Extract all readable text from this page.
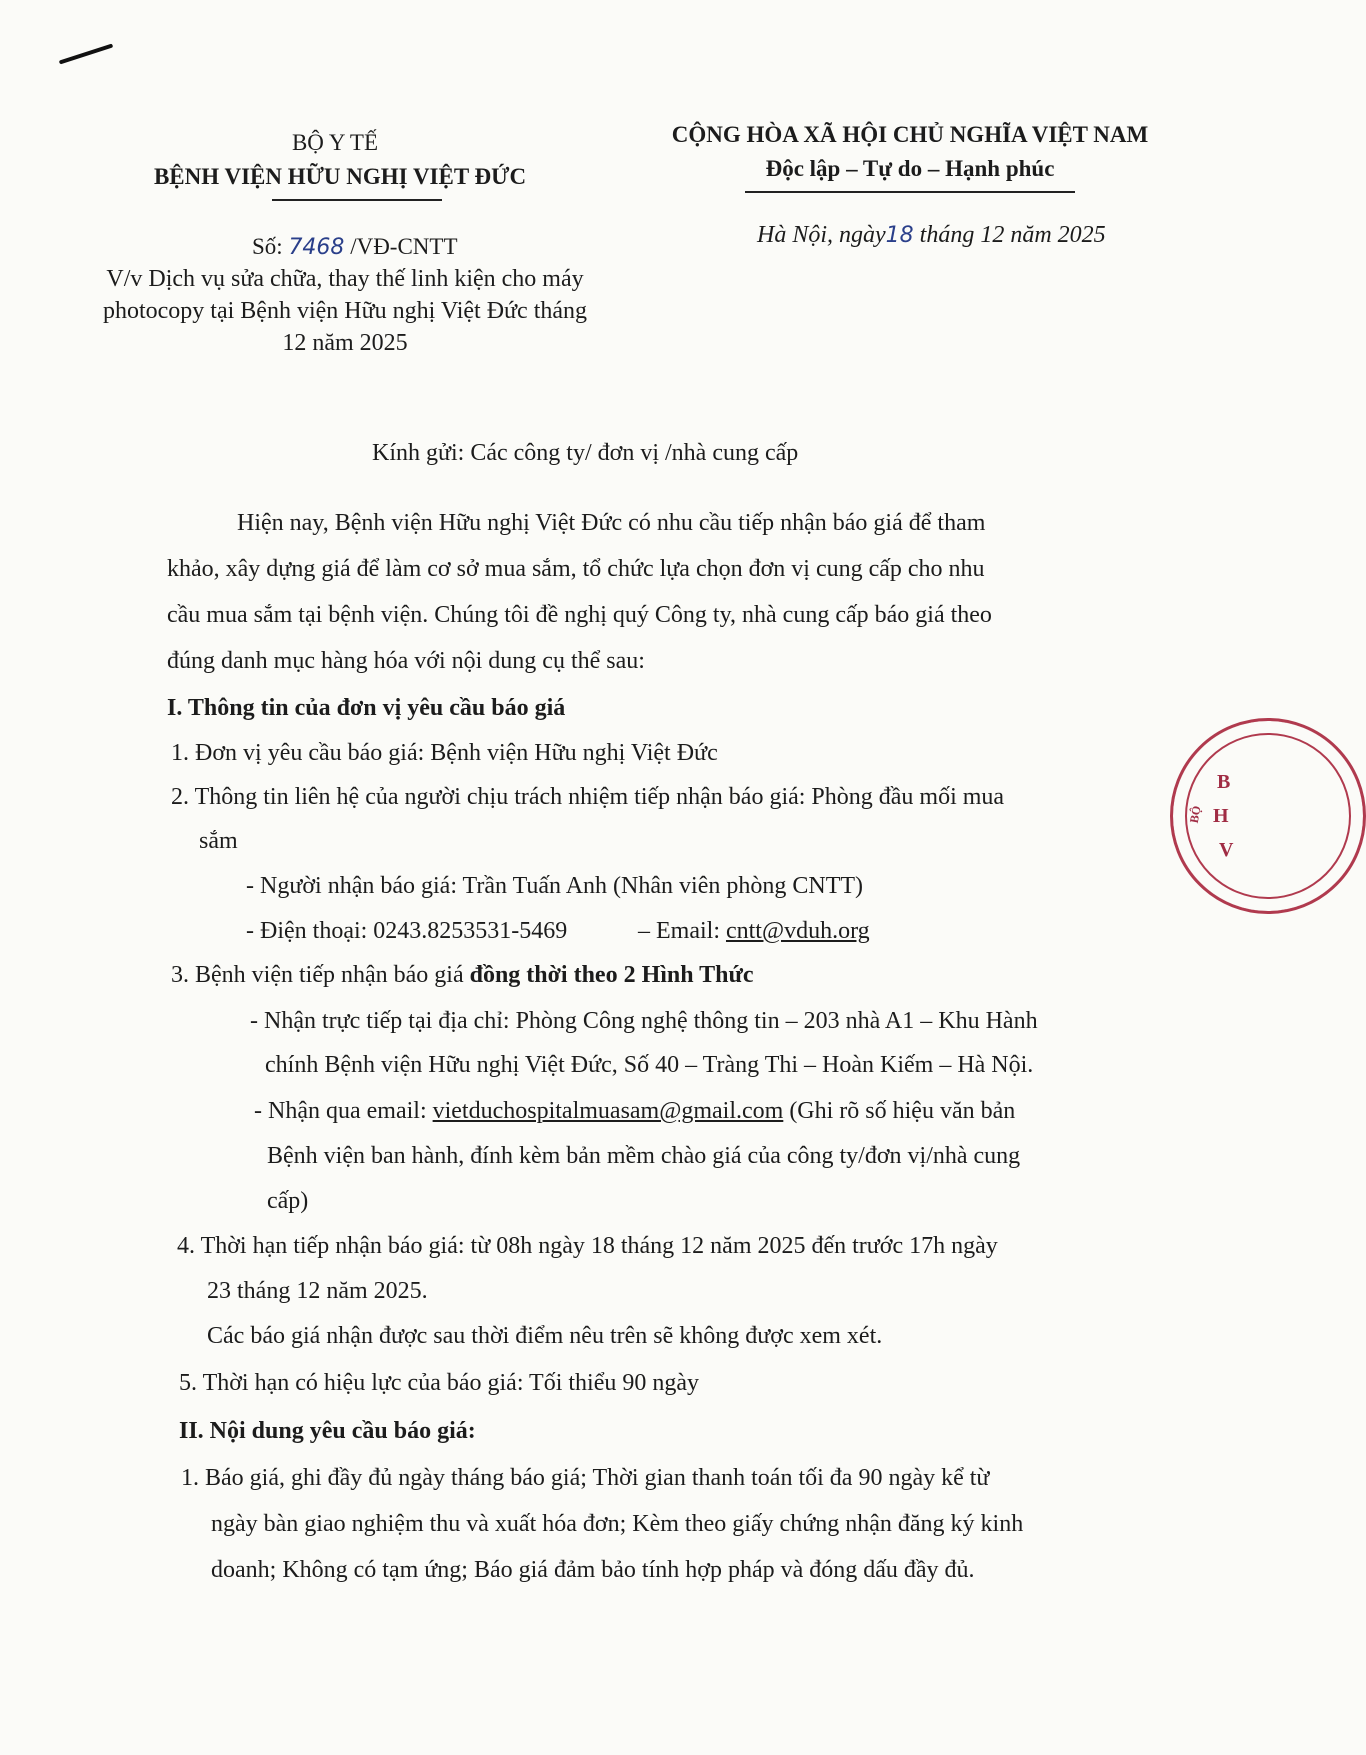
BỘ Y TẾ
BỆNH VIỆN HỮU NGHỊ VIỆT ĐỨC
Số: 7468 /VĐ-CNTT
V/v Dịch vụ sửa chữa, thay thế linh kiện cho máy
photocopy tại Bệnh viện Hữu nghị Việt Đức tháng
12 năm 2025
CỘNG HÒA XÃ HỘI CHỦ NGHĨA VIỆT NAM
Độc lập – Tự do – Hạnh phúc
Hà Nội, ngày18 tháng 12 năm 2025
Kính gửi: Các công ty/ đơn vị /nhà cung cấp
Hiện nay, Bệnh viện Hữu nghị Việt Đức có nhu cầu tiếp nhận báo giá để tham
khảo, xây dựng giá để làm cơ sở mua sắm, tổ chức lựa chọn đơn vị cung cấp cho nhu
cầu mua sắm tại bệnh viện. Chúng tôi đề nghị quý Công ty, nhà cung cấp báo giá theo
đúng danh mục hàng hóa với nội dung cụ thể sau:
I. Thông tin của đơn vị yêu cầu báo giá
1. Đơn vị yêu cầu báo giá: Bệnh viện Hữu nghị Việt Đức
2. Thông tin liên hệ của người chịu trách nhiệm tiếp nhận báo giá: Phòng đầu mối mua
sắm
- Người nhận báo giá: Trần Tuấn Anh (Nhân viên phòng CNTT)
- Điện thoại: 0243.8253531-5469	– Email: cntt@vduh.org
3. Bệnh viện tiếp nhận báo giá đồng thời theo 2 Hình Thức
- Nhận trực tiếp tại địa chỉ: Phòng Công nghệ thông tin – 203 nhà A1 – Khu Hành
chính Bệnh viện Hữu nghị Việt Đức, Số 40 – Tràng Thi – Hoàn Kiếm – Hà Nội.
- Nhận qua email: vietduchospitalmuasam@gmail.com (Ghi rõ số hiệu văn bản
Bệnh viện ban hành, đính kèm bản mềm chào giá của công ty/đơn vị/nhà cung
cấp)
4. Thời hạn tiếp nhận báo giá: từ 08h ngày 18 tháng 12 năm 2025 đến trước 17h ngày
23 tháng 12 năm 2025.
Các báo giá nhận được sau thời điểm nêu trên sẽ không được xem xét.
5. Thời hạn có hiệu lực của báo giá: Tối thiểu 90 ngày
II. Nội dung yêu cầu báo giá:
1. Báo giá, ghi đầy đủ ngày tháng báo giá; Thời gian thanh toán tối đa 90 ngày kể từ
ngày bàn giao nghiệm thu và xuất hóa đơn; Kèm theo giấy chứng nhận đăng ký kinh
doanh; Không có tạm ứng; Báo giá đảm bảo tính hợp pháp và đóng dấu đầy đủ.
B
H
V
BỘ
